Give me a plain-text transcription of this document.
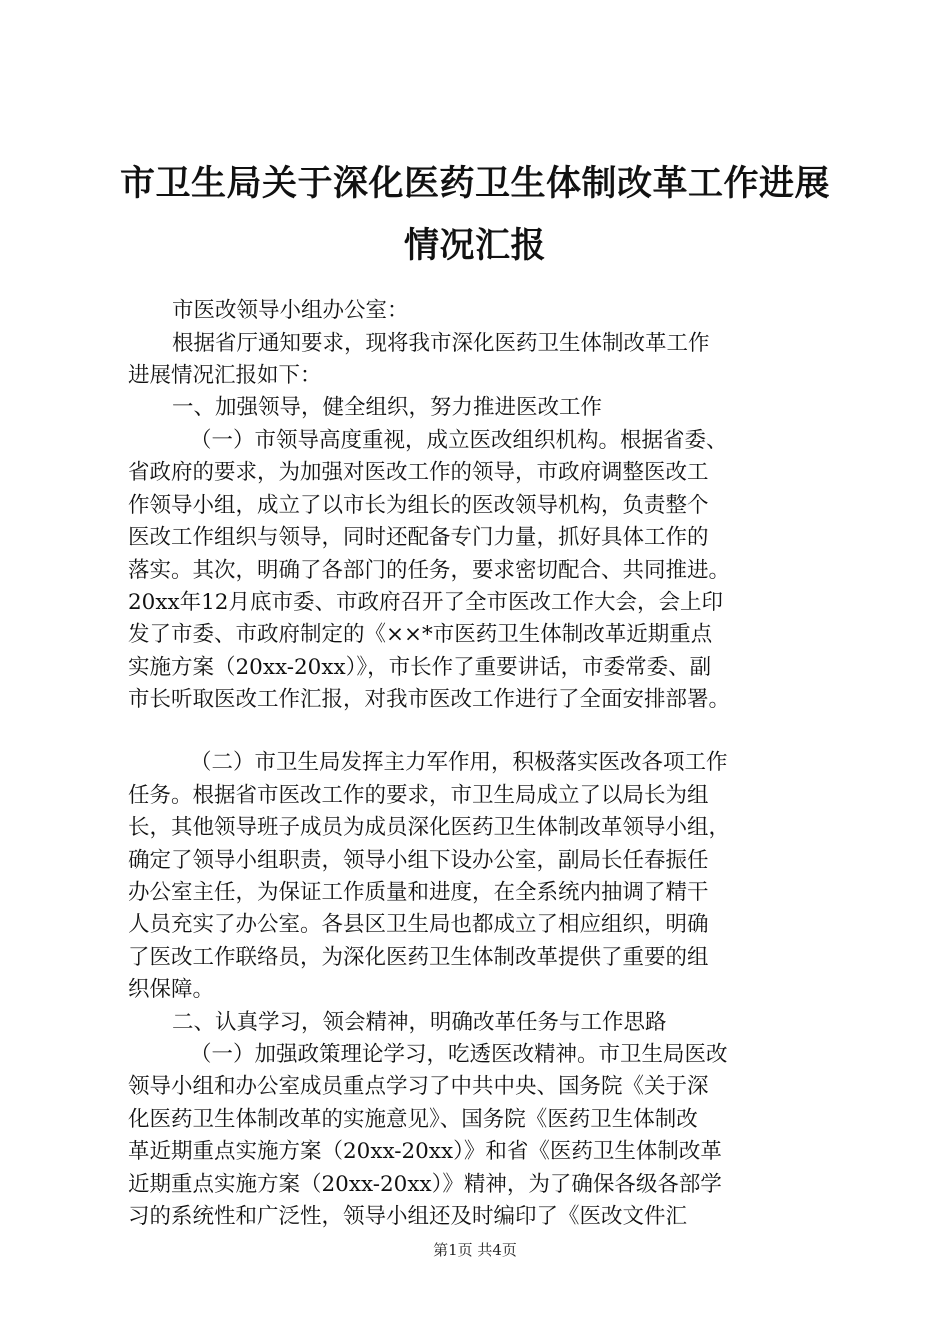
市卫生局关于深化医药卫生体制改革工作进展
情况汇报
市医改领导小组办公室：
根据省厅通知要求，现将我市深化医药卫生体制改革工作
进展情况汇报如下：
一、加强领导，健全组织，努力推进医改工作
（一）市领导高度重视，成立医改组织机构。根据省委、
省政府的要求，为加强对医改工作的领导，市政府调整医改工
作领导小组，成立了以市长为组长的医改领导机构，负责整个
医改工作组织与领导，同时还配备专门力量，抓好具体工作的
落实。其次，明确了各部门的任务，要求密切配合、共同推进。
20xx年12月底市委、市政府召开了全市医改工作大会，会上印
发了市委、市政府制定的《××*市医药卫生体制改革近期重点
实施方案（20xx-20xx）》，市长作了重要讲话，市委常委、副
市长听取医改工作汇报，对我市医改工作进行了全面安排部署。
（二）市卫生局发挥主力军作用，积极落实医改各项工作
任务。根据省市医改工作的要求，市卫生局成立了以局长为组
长，其他领导班子成员为成员深化医药卫生体制改革领导小组，
确定了领导小组职责，领导小组下设办公室，副局长任春振任
办公室主任，为保证工作质量和进度，在全系统内抽调了精干
人员充实了办公室。各县区卫生局也都成立了相应组织，明确
了医改工作联络员，为深化医药卫生体制改革提供了重要的组
织保障。
二、认真学习，领会精神，明确改革任务与工作思路
（一）加强政策理论学习，吃透医改精神。市卫生局医改
领导小组和办公室成员重点学习了中共中央、国务院《关于深
化医药卫生体制改革的实施意见》、国务院《医药卫生体制改
革近期重点实施方案（20xx-20xx）》和省《医药卫生体制改革
近期重点实施方案（20xx-20xx）》精神，为了确保各级各部学
习的系统性和广泛性，领导小组还及时编印了《医改文件汇
第1页 共4页
